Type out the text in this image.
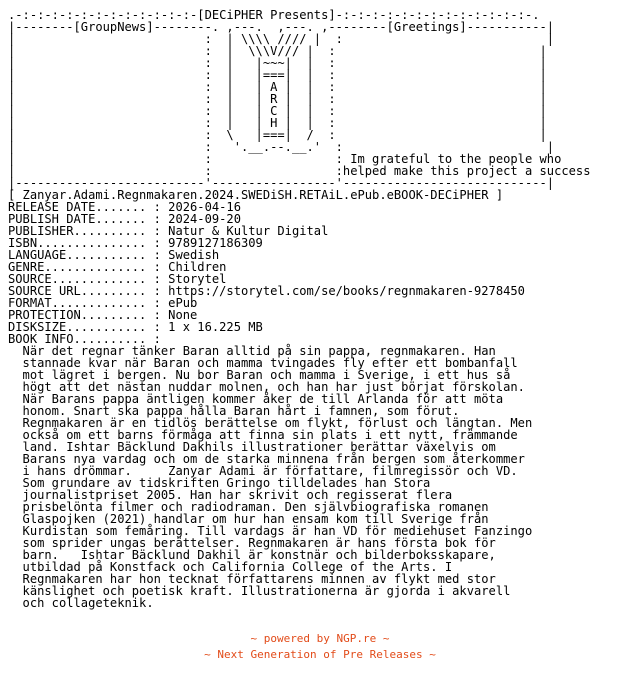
.-:-:-:-:-:-:-:-:-:-:-:-:-[DECiPHER Presents]-:-:-:-:-:-:-:-:-:-:-:-:-:-.
|--------[GroupNews]--------. ,---.  ,---. ,--------[Greetings]-----------|
|                          :  | \\\\ //// |  :                            |
|                          :  |  \\\V/// |  :                            |
|                          :  |   |~~~|  |  :                            |
|                          :  |   |===|  |  :                            |
|                          :  |   | A |  |  :                            |
|                          :  |   | R |  |  :                            |
|                          :  |   | C |  |  :                            |
|                          :  |   | H |  |  :                            |
|                          :  \   |===|  /  :                            |
|                          :   '.__.--.__.'  :                            |
|                          :                 : Im grateful to the people who
|                          :                 :helped make this project a success
|--------------------------'-----------------'----------------------------|
[ Zanyar.Adami.Regnmakaren.2024.SWEDiSH.RETAiL.ePub.eBOOK-DECiPHER ]
RELEASE DATE....... : 2026-04-16
PUBLISH DATE....... : 2024-09-20
PUBLISHER.......... : Natur & Kultur Digital
ISBN............... : 9789127186309
LANGUAGE........... : Swedish
GENRE.............. : Children
SOURCE............. : Storytel
SOURCE URL......... : https://storytel.com/se/books/regnmakaren-9278450
FORMAT............. : ePub
PROTECTION......... : None
DISKSIZE........... : 1 x 16.225 MB
BOOK INFO.......... :
När det regnar tänker Baran alltid på sin pappa, regnmakaren. Han
stannade kvar när Baran och mamma tvingades fly efter ett bombanfall
mot lägret i bergen. Nu bor Baran och mamma i Sverige, i ett hus så
högt att det nästan nuddar molnen, och han har just börjat förskolan.
När Barans pappa äntligen kommer åker de till Arlanda för att möta
honom. Snart ska pappa hålla Baran hårt i famnen, som förut.
Regnmakaren är en tidlös berättelse om flykt, förlust och längtan. Men
också om ett barns förmåga att finna sin plats i ett nytt, främmande
land. Ishtar Bäcklund Dakhils illustrationer berättar växelvis om
Barans nya vardag och om de starka minnena från bergen som återkommer
i hans drömmar.     Zanyar Adami är författare, filmregissör och VD.
Som grundare av tidskriften Gringo tilldelades han Stora
journalistpriset 2005. Han har skrivit och regisserat flera
prisbelönta filmer och radiodraman. Den självbiografiska romanen
Glaspojken (2021) handlar om hur han ensam kom till Sverige från
Kurdistan som femåring. Till vardags är han VD för mediehuset Fanzingo
som sprider ungas berättelser. Regnmakaren är hans första bok för
barn.   Ishtar Bäcklund Dakhil är konstnär och bilderboksskapare,
utbildad på Konstfack och California College of the Arts. I
Regnmakaren har hon tecknat författarens minnen av flykt med stor
känslighet och poetisk kraft. Illustrationerna är gjorda i akvarell
och collageteknik.
~ powered by NGP.re ~
~ Next Generation of Pre Releases ~
